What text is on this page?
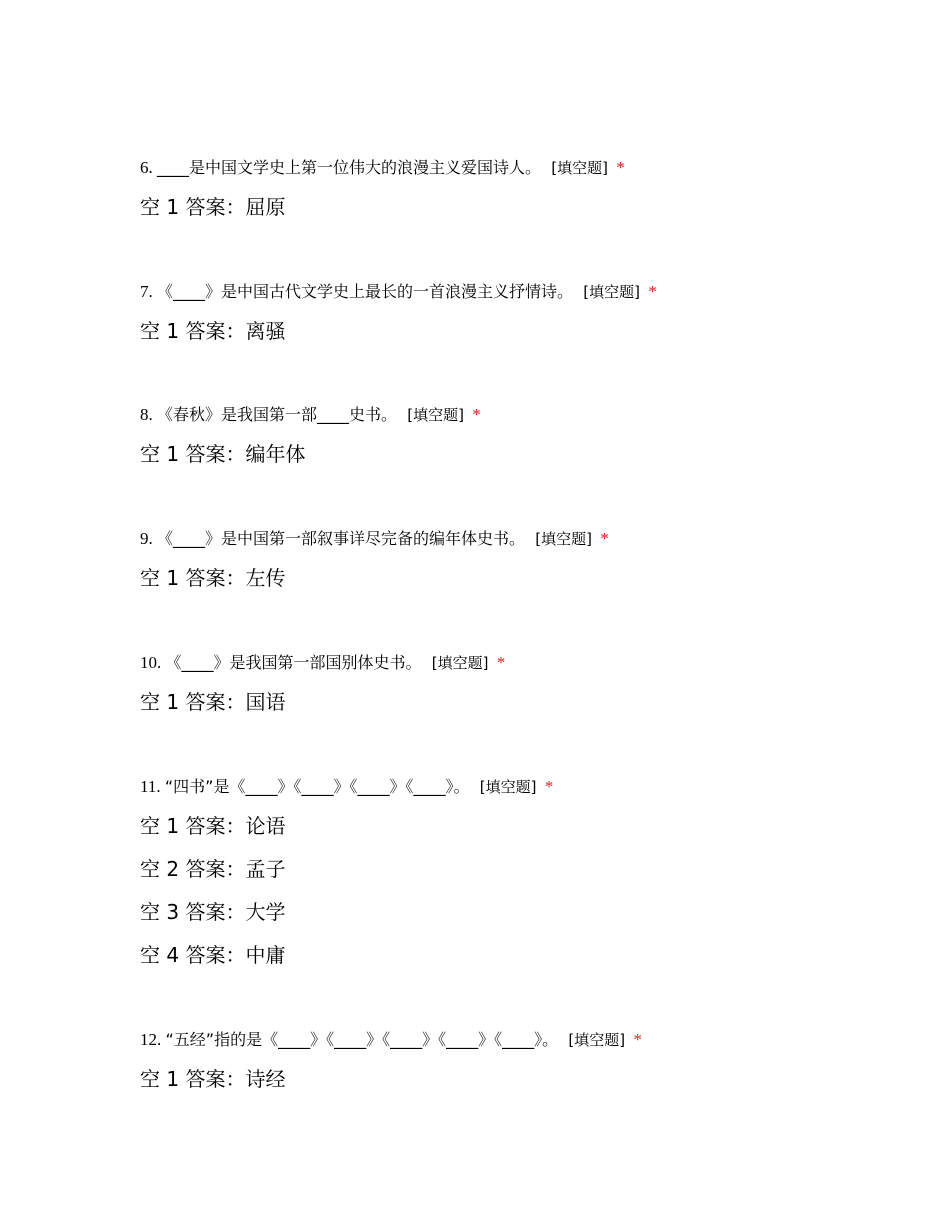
6. ____是中国文学史上第一位伟大的浪漫主义爱国诗人。 [填空题] *
空 1 答案：屈原
7. 《____》是中国古代文学史上最长的一首浪漫主义抒情诗。 [填空题] *
空 1 答案：离骚
8. 《春秋》是我国第一部____史书。 [填空题] *
空 1 答案：编年体
9. 《____》是中国第一部叙事详尽完备的编年体史书。 [填空题] *
空 1 答案：左传
10. 《____》是我国第一部国别体史书。 [填空题] *
空 1 答案：国语
11. “四书”是《____》《____》《____》《____》。 [填空题] *
空 1 答案：论语
空 2 答案：孟子
空 3 答案：大学
空 4 答案：中庸
12. “五经”指的是《____》《____》《____》《____》《____》。 [填空题] *
空 1 答案：诗经
